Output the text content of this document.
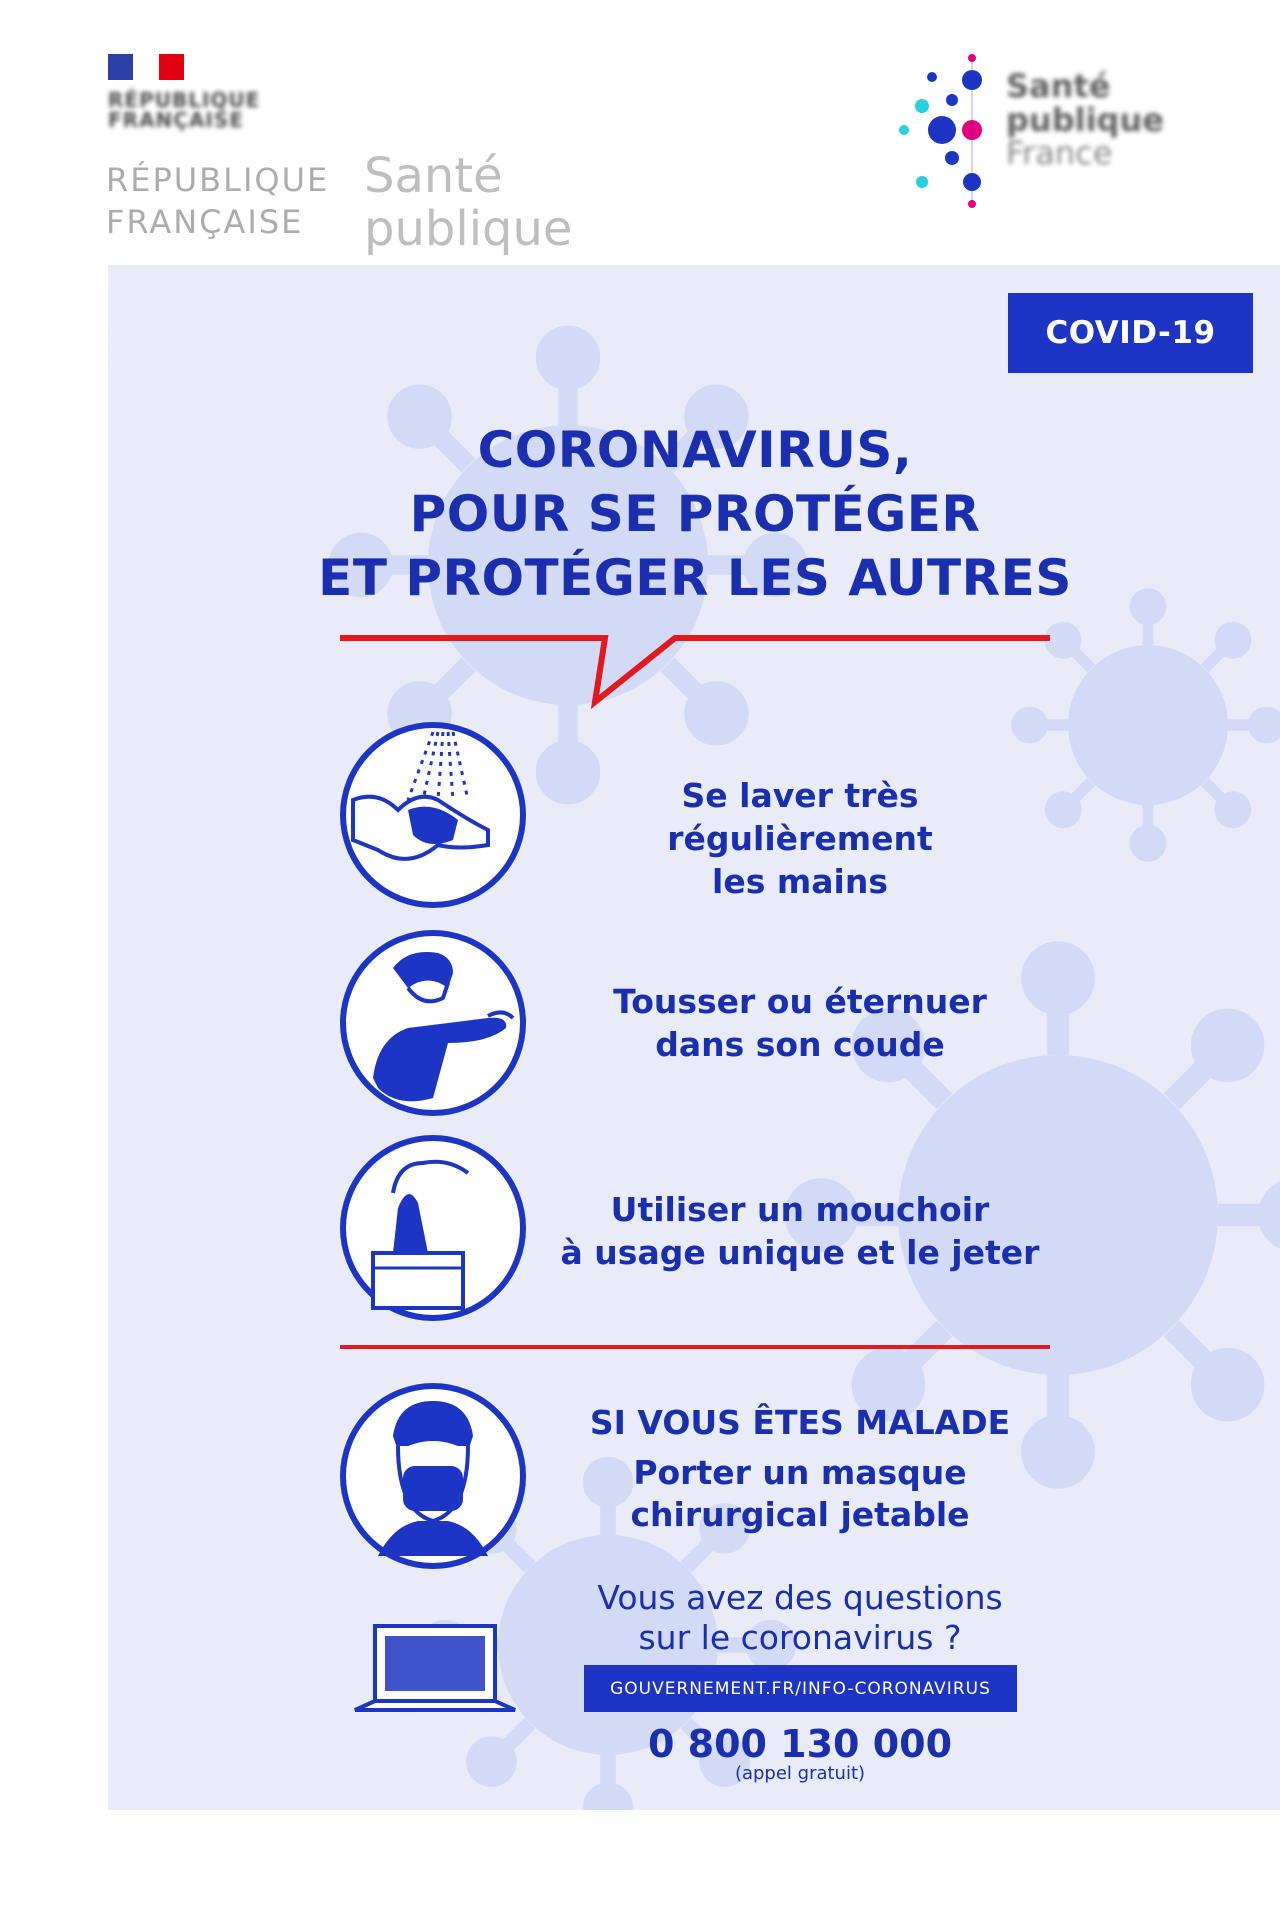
RÉPUBLIQUE
FRANÇAISE
RÉPUBLIQUE
FRANÇAISE
Santé
publique
Santé
publique
France
COVID-19
CORONAVIRUS,
POUR SE PROTÉGER
ET PROTÉGER LES AUTRES
Se laver très régulièrement
les mains
Tousser ou éternuer
dans son coude
Utiliser un mouchoir
à usage unique et le jeter
SI VOUS ÊTES MALADE
Porter un masque
chirurgical jetable
Vous avez des questions
sur le coronavirus ?
GOUVERNEMENT.FR/INFO-CORONAVIRUS
0 800 130 000
(appel gratuit)
